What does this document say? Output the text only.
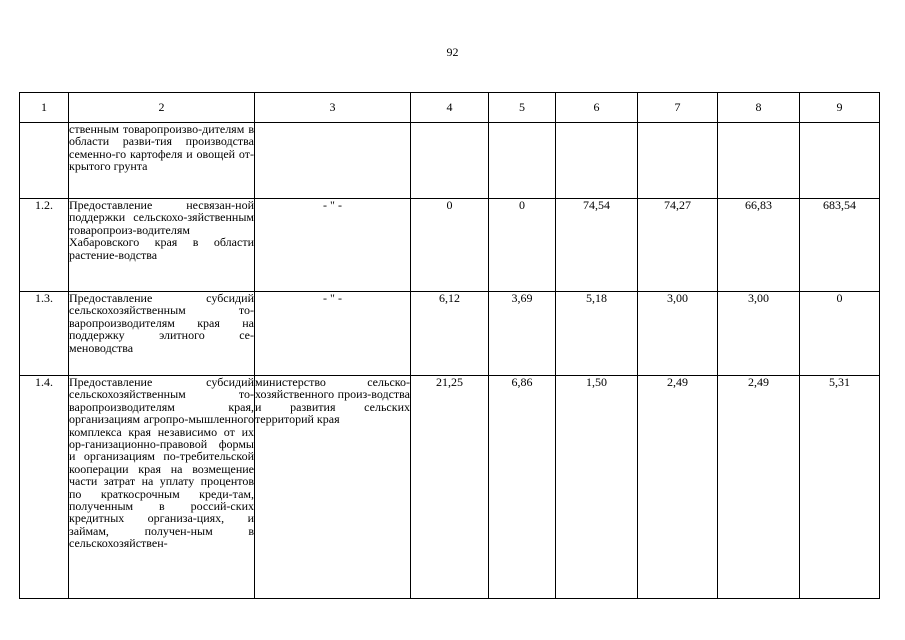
92
1	2	3	4	5	6	7	8	9
	ственным товаропроизво-дителям в области разви-тия производства семенно-го картофеля и овощей от-крытого грунта							
1.2.	Предоставление несвязан-ной поддержки сельскохо-зяйственным товаропроиз-водителям Хабаровского края в области растение-водства	- " -	0	0	74,54	74,27	66,83	683,54
1.3.	Предоставление субсидий сельскохозяйственным то-варопроизводителям края на поддержку элитного се-меноводства	- " -	6,12	3,69	5,18	3,00	3,00	0
1.4.	Предоставление субсидий сельскохозяйственным то-варопроизводителям края, организациям агропро-мышленного комплекса края независимо от их ор-ганизационно-правовой формы и организациям по-требительской кооперации края на возмещение части затрат на уплату процентов по краткосрочным креди-там, полученным в россий-ских кредитных организа-циях, и займам, получен-ным в сельскохозяйствен-	министерство сельско-хозяйственного произ-водства и развития сельских территорий края	21,25	6,86	1,50	2,49	2,49	5,31
